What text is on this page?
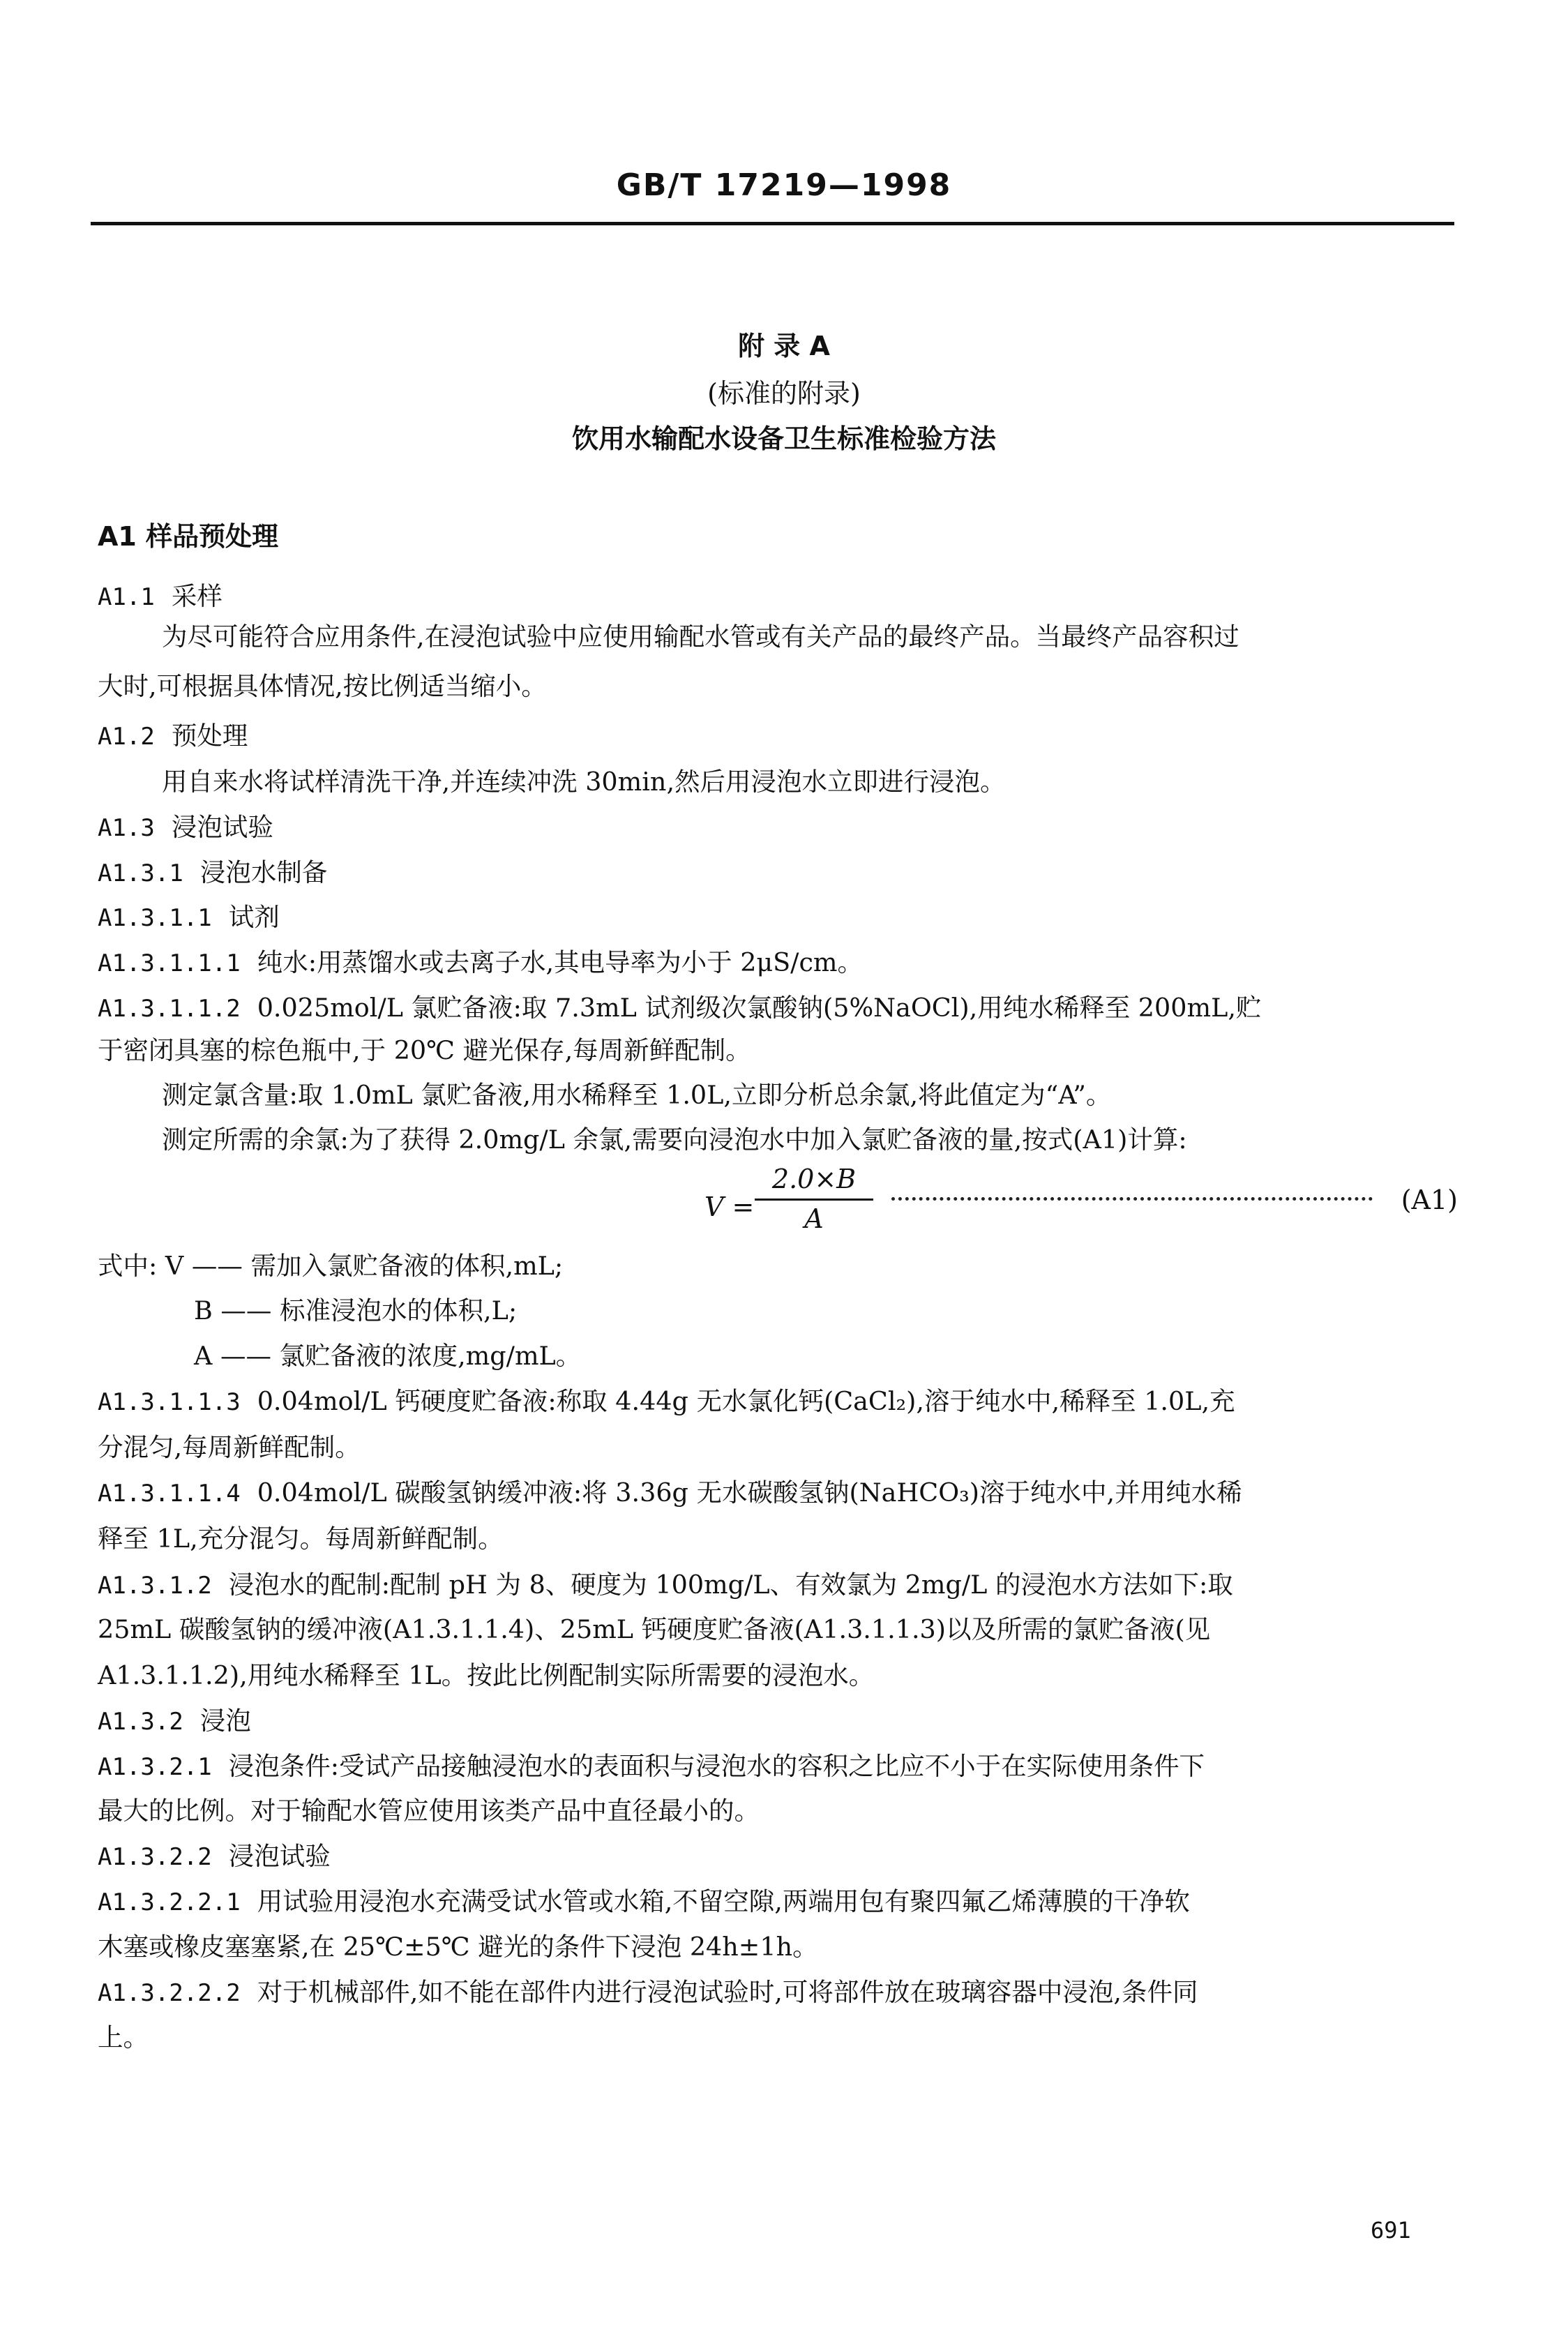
GB/T 17219—1998
附 录 A
(标准的附录)
饮用水输配水设备卫生标准检验方法
A1 样品预处理
A1.1 采样
为尽可能符合应用条件,在浸泡试验中应使用输配水管或有关产品的最终产品。当最终产品容积过
大时,可根据具体情况,按比例适当缩小。
A1.2 预处理
用自来水将试样清洗干净,并连续冲洗 30min,然后用浸泡水立即进行浸泡。
A1.3 浸泡试验
A1.3.1 浸泡水制备
A1.3.1.1 试剂
A1.3.1.1.1 纯水:用蒸馏水或去离子水,其电导率为小于 2μS/cm。
A1.3.1.1.2 0.025mol/L 氯贮备液:取 7.3mL 试剂级次氯酸钠(5%NaOCl),用纯水稀释至 200mL,贮
于密闭具塞的棕色瓶中,于 20℃ 避光保存,每周新鲜配制。
测定氯含量:取 1.0mL 氯贮备液,用水稀释至 1.0L,立即分析总余氯,将此值定为“A”。
测定所需的余氯:为了获得 2.0mg/L 余氯,需要向浸泡水中加入氯贮备液的量,按式(A1)计算:
$V = \frac{2.0\times B}{A}$	(A1)
式中: V —— 需加入氯贮备液的体积,mL;
B —— 标准浸泡水的体积,L;
A —— 氯贮备液的浓度,mg/mL。
A1.3.1.1.3 0.04mol/L 钙硬度贮备液:称取 4.44g 无水氯化钙(CaCl₂),溶于纯水中,稀释至 1.0L,充
分混匀,每周新鲜配制。
A1.3.1.1.4 0.04mol/L 碳酸氢钠缓冲液:将 3.36g 无水碳酸氢钠(NaHCO₃)溶于纯水中,并用纯水稀
释至 1L,充分混匀。每周新鲜配制。
A1.3.1.2 浸泡水的配制:配制 pH 为 8、硬度为 100mg/L、有效氯为 2mg/L 的浸泡水方法如下:取
25mL 碳酸氢钠的缓冲液(A1.3.1.1.4)、25mL 钙硬度贮备液(A1.3.1.1.3)以及所需的氯贮备液(见
A1.3.1.1.2),用纯水稀释至 1L。按此比例配制实际所需要的浸泡水。
A1.3.2 浸泡
A1.3.2.1 浸泡条件:受试产品接触浸泡水的表面积与浸泡水的容积之比应不小于在实际使用条件下
最大的比例。对于输配水管应使用该类产品中直径最小的。
A1.3.2.2 浸泡试验
A1.3.2.2.1 用试验用浸泡水充满受试水管或水箱,不留空隙,两端用包有聚四氟乙烯薄膜的干净软
木塞或橡皮塞塞紧,在 25℃±5℃ 避光的条件下浸泡 24h±1h。
A1.3.2.2.2 对于机械部件,如不能在部件内进行浸泡试验时,可将部件放在玻璃容器中浸泡,条件同
上。
691
